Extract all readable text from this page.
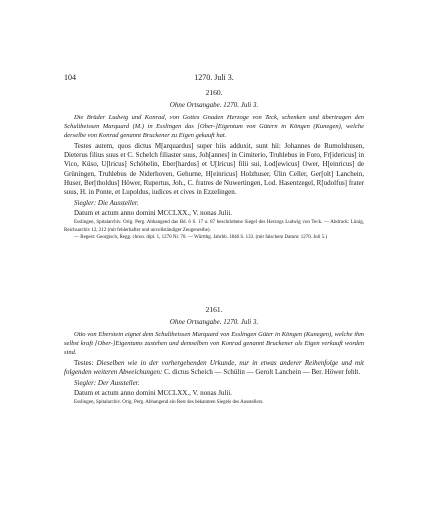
104	1270. Juli 3.
2160.
Ohne Ortsangabe. 1270. Juli 3.

Die Brüder Ludwig und Konrad, von Gottes Gnaden Herzoge von Teck, schenken und übertragen den Schultheissen Marquard (M.) in Esslingen das [Ober-]Eigentum von Gütern in Köngen (Kunegen), welche derselbe von Konrad genannt Bruckener zu Eigen gekauft hat.

Testes autem, quos dictus M[arquardus] super hiis adduxit, sunt hii: Johannes de Rumolshusen, Dieterus filius suus et C. Schelch filiaster suus, Joh[annes] in Cimiterio, Truhlebus in Foro, Fr[idericus] in Vico, Küso, U[lricus] Schöhelin, Eber[hardus] et U[lricus] filii sui, Lod[ewicus] Ower, H[einricus] de Grüningen, Truhlebus de Niderhoven, Gehurne, H[einricus] Holzhuser, Ülin Celler, Ger[olt] Lanchein, Huser, Ber[tholdus] Höwer, Rupertus, Joh., C. fratres de Nuwertingen, Lod. Hasentzegel, R[udolfus] frater suus, H. in Ponte, et Lupoldus, iudices et cives in Ezzelingen.

Siegler: Die Aussteller.

Datum et actum anno domini MCCLXX., V. nonas Julii.

Esslingen, Spitalarchiv. Orig. Perg. Abhangend das Bd. 6 S. 17 u. 87 beschriebene Siegel des Herzogs Ludwig von Teck. — Abdruck: Lünig, Reichsarchiv 12, 212 (mit fehlerhafter und unvollständiger Zeugenreihe).

— Regest: Georgisch, Regg. chron. dipl. 1, 1270 Nr. 70. — Württbg. Jahrbb. 1846 S. 133. (mit falschem Datum: 1270. Juli 5.)

2161.
Ohne Ortsangabe. 1270. Juli 3.

Otto von Eberstein eignet dem Schultheissen Marquard von Esslingen Güter in Köngen (Kunegen), welche ihm selbst kraft [Ober-]Eigentums zustehen und demselben von Konrad genannt Bruckener als Eigen verkauft worden sind.

Testes: Dieselben wie in der vorhergehenden Urkunde, nur in etwas anderer Reihenfolge und mit folgenden weiteren Abweichungen: C. dictus Scheich — Schülin — Gerolt Lanchein — Ber. Höwer fehlt.

Siegler: Der Aussteller.

Datum et actum anno domini MCCLXX., V. nonas Julii.

Esslingen, Spitalarchiv. Orig. Perg. Abhangend ein Rest des bekannten Siegels des Ausstellers.
